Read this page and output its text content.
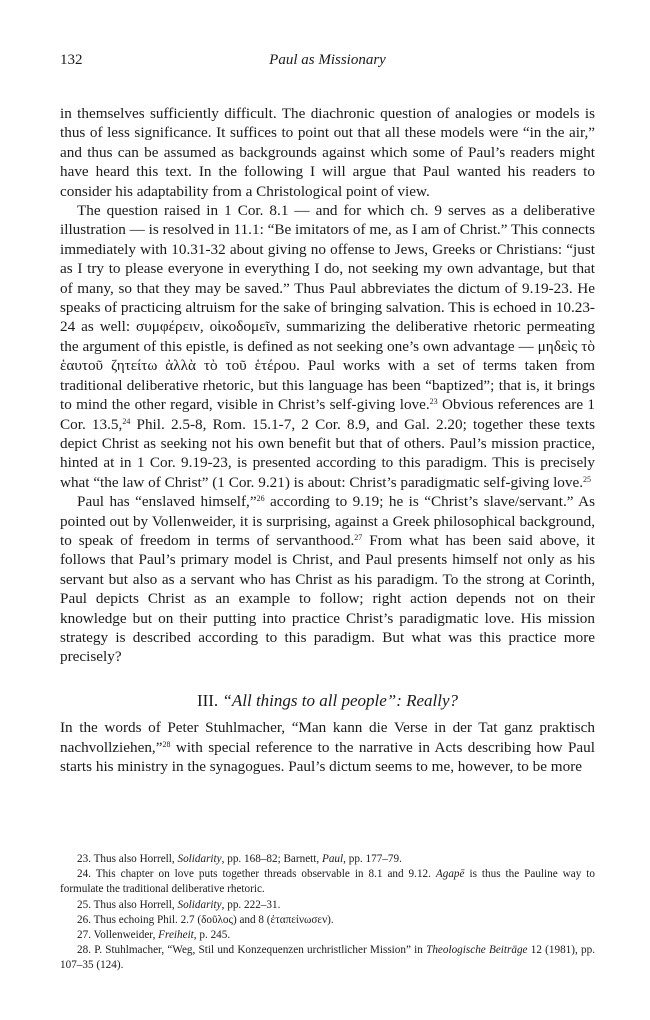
132	Paul as Missionary

in themselves sufficiently difficult. The diachronic question of analogies or models is thus of less significance. It suffices to point out that all these models were “in the air,” and thus can be assumed as backgrounds against which some of Paul’s readers might have heard this text. In the following I will argue that Paul wanted his readers to consider his adaptability from a Christological point of view.

The question raised in 1 Cor. 8.1 — and for which ch. 9 serves as a deliberative illustration — is resolved in 11.1: “Be imitators of me, as I am of Christ.” This connects immediately with 10.31-32 about giving no offense to Jews, Greeks or Christians: “just as I try to please everyone in everything I do, not seeking my own advantage, but that of many, so that they may be saved.” Thus Paul abbreviates the dictum of 9.19-23. He speaks of practicing altruism for the sake of bringing salvation. This is echoed in 10.23-24 as well: συμφέρειν, οἰκοδομεῖν, summarizing the deliberative rhetoric permeating the argument of this epistle, is defined as not seeking one’s own advantage — μηδεὶς τὸ ἑαυτοῦ ζητείτω ἀλλὰ τὸ τοῦ ἑτέρου. Paul works with a set of terms taken from traditional deliberative rhetoric, but this language has been “baptized”; that is, it brings to mind the other regard, visible in Christ’s self-giving love.$^{23}$ Obvious references are 1 Cor. 13.5,24 Phil. 2.5-8, Rom. 15.1-7, 2 Cor. 8.9, and Gal. 2.20; together these texts depict Christ as seeking not his own benefit but that of others. Paul’s mission practice, hinted at in 1 Cor. 9.19-23, is presented according to this paradigm. This is precisely what “the law of Christ” (1 Cor. 9.21) is about: Christ’s paradigmatic self-giving love.$^{25}$

Paul has “enslaved himself,”$^{26}$ according to 9.19; he is “Christ’s slave/servant.” As pointed out by Vollenweider, it is surprising, against a Greek philosophical background, to speak of freedom in terms of servanthood.$^{27}$ From what has been said above, it follows that Paul’s primary model is Christ, and Paul presents himself not only as his servant but also as a servant who has Christ as his paradigm. To the strong at Corinth, Paul depicts Christ as an example to follow; right action depends not on their knowledge but on their putting into practice Christ’s paradigmatic love. His mission strategy is described according to this paradigm. But what was this practice more precisely?

III. “All things to all people”: Really?

In the words of Peter Stuhlmacher, “Man kann die Verse in der Tat ganz praktisch nachvollziehen,”$^{28}$ with special reference to the narrative in Acts describing how Paul starts his ministry in the synagogues. Paul’s dictum seems to me, however, to be more

23. Thus also Horrell, Solidarity, pp. 168–82; Barnett, Paul, pp. 177–79.
24. This chapter on love puts together threads observable in 8.1 and 9.12. Agapē is thus the Pauline way to formulate the traditional deliberative rhetoric.
25. Thus also Horrell, Solidarity, pp. 222–31.
26. Thus echoing Phil. 2.7 (δοῦλος) and 8 (ἐταπείνωσεν).
27. Vollenweider, Freiheit, p. 245.
28. P. Stuhlmacher, “Weg, Stil und Konzequenzen urchristlicher Mission” in Theologische Beiträge 12 (1981), pp. 107–35 (124).
